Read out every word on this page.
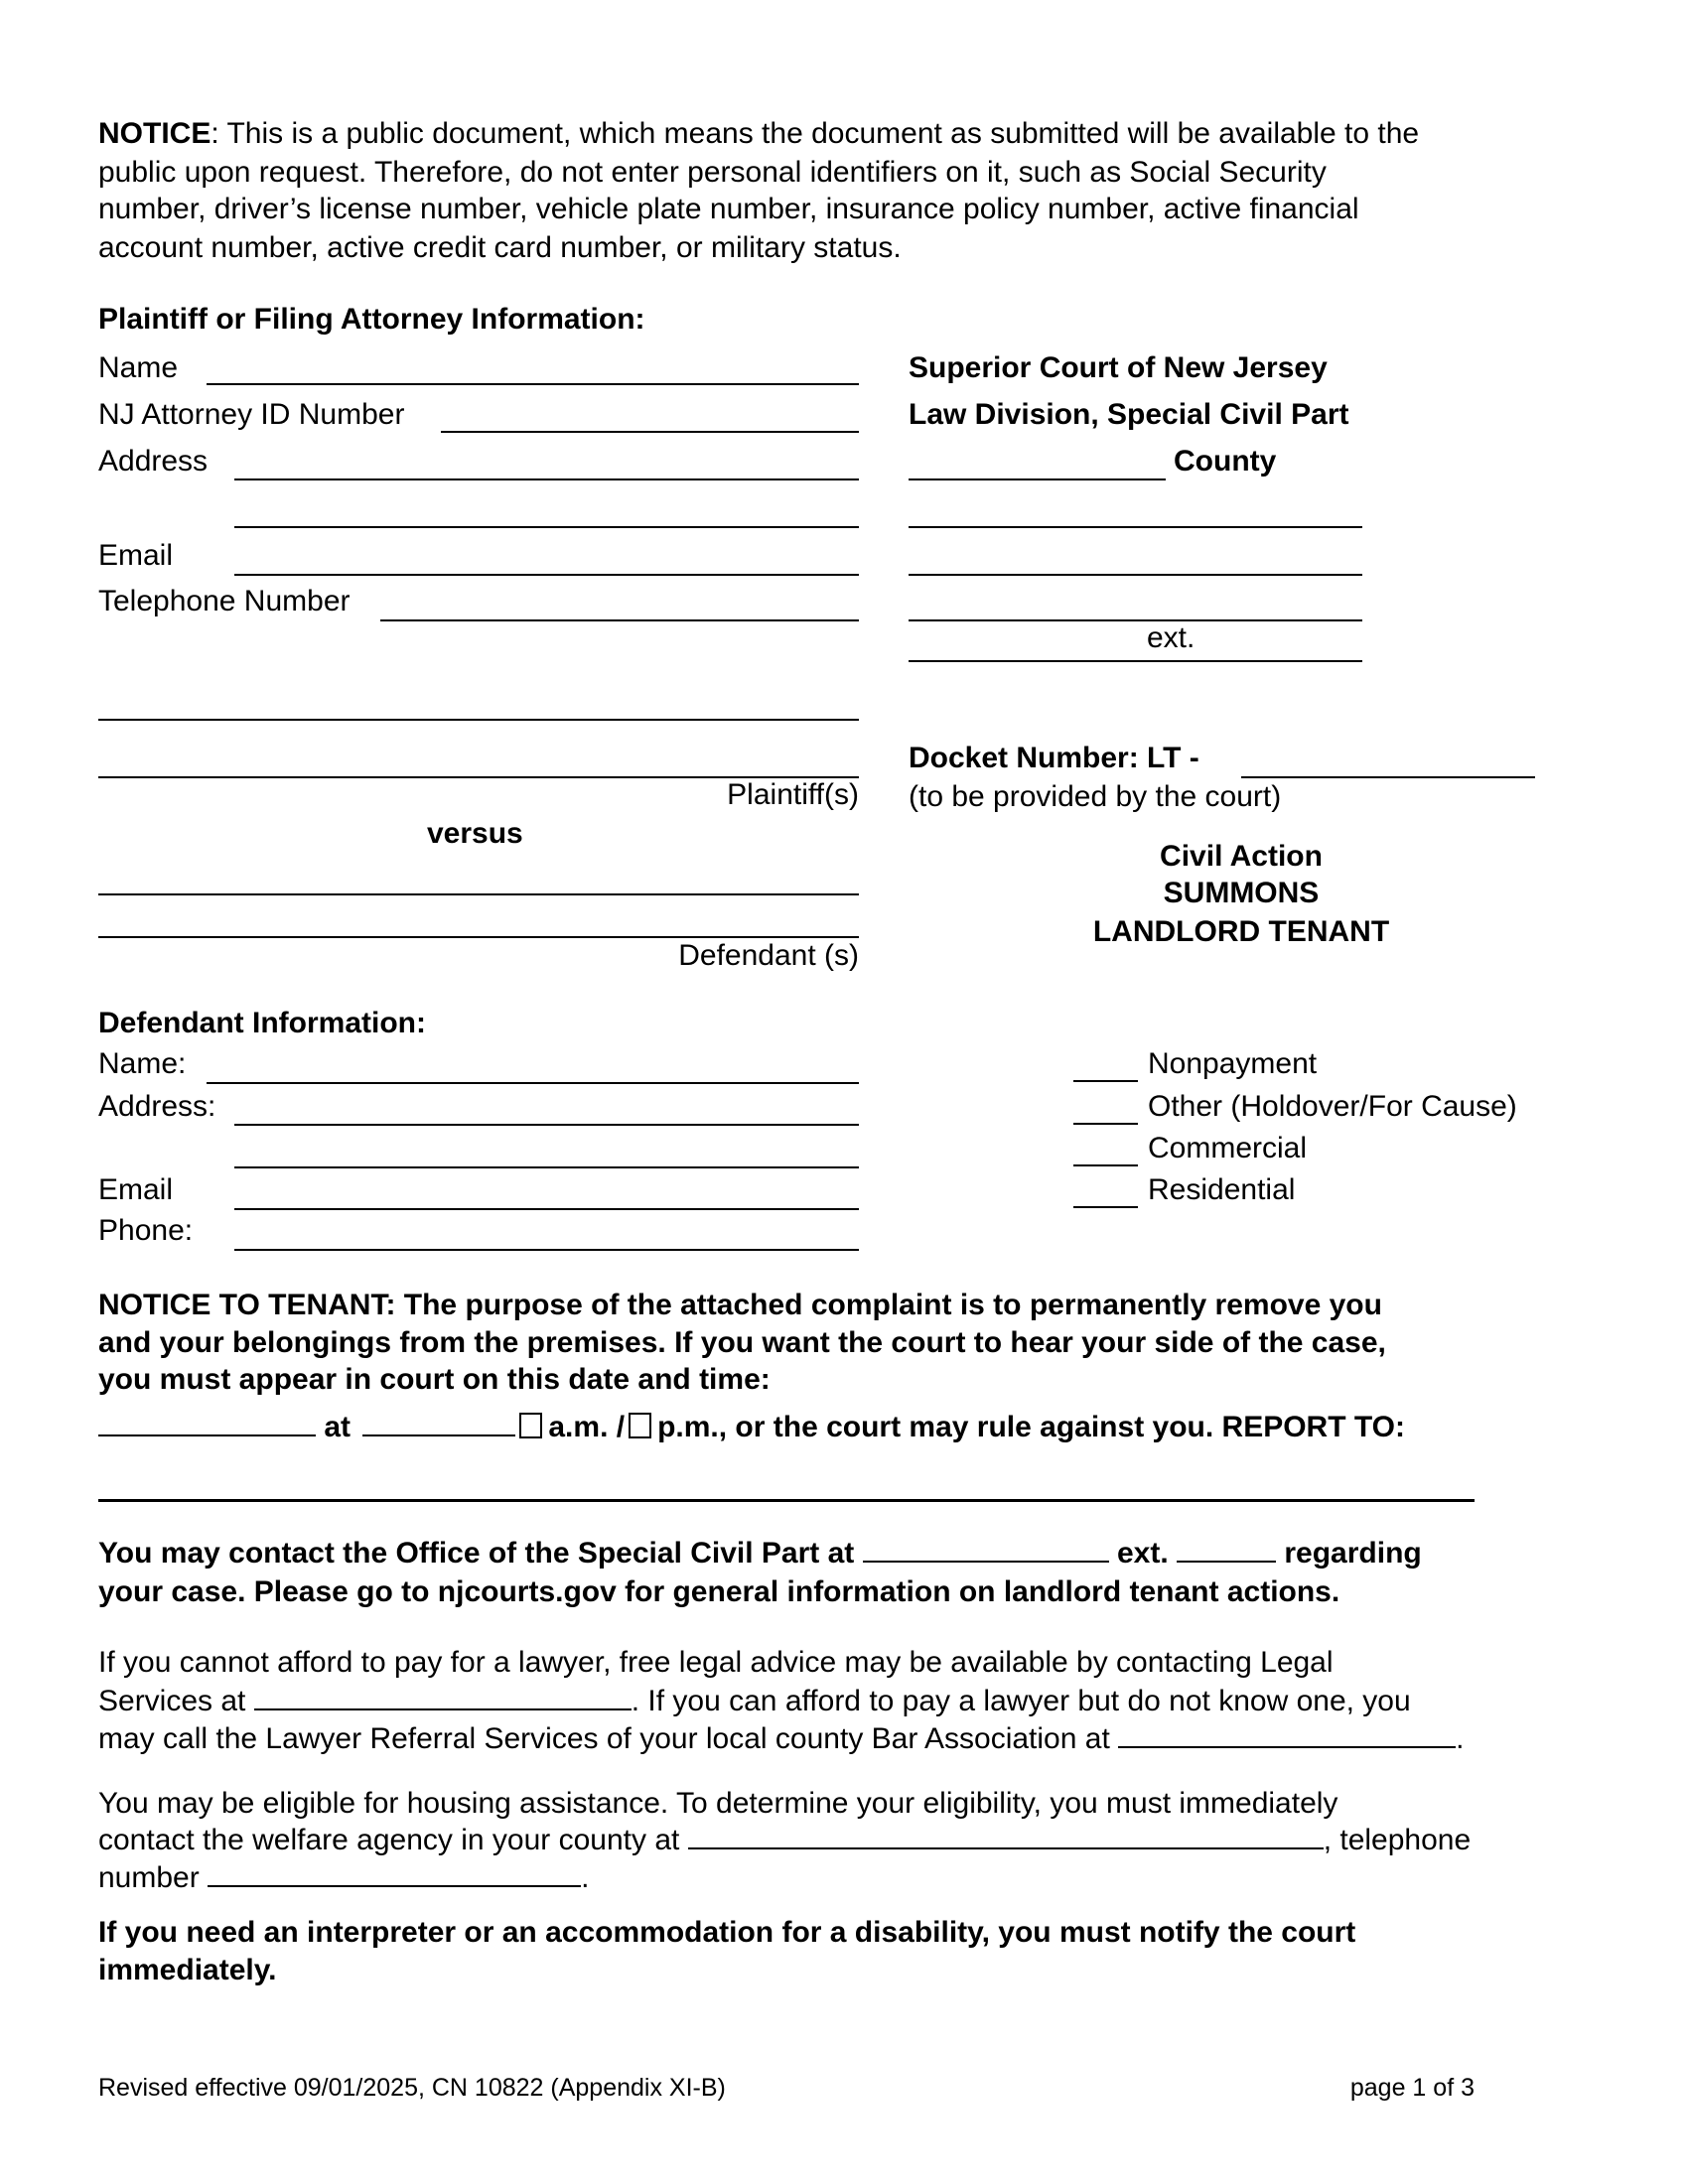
NOTICE: This is a public document, which means the document as submitted will be available to the
public upon request. Therefore, do not enter personal identifiers on it, such as Social Security
number, driver’s license number, vehicle plate number, insurance policy number, active financial
account number, active credit card number, or military status.
Plaintiff or Filing Attorney Information:
Name
NJ Attorney ID Number
Address
Email
Telephone Number
Superior Court of New Jersey
Law Division, Special Civil Part
County
ext.
Plaintiff(s)
versus
Defendant (s)
Docket Number: LT -
(to be provided by the court)
Civil Action
SUMMONS
LANDLORD TENANT
Defendant Information:
Name:
Address:
Email
Phone:
Nonpayment
Other (Holdover/For Cause)
Commercial
Residential
NOTICE TO TENANT: The purpose of the attached complaint is to permanently remove you
and your belongings from the premises. If you want the court to hear your side of the case,
you must appear in court on this date and time:
at	a.m. / p.m., or the court may rule against you. REPORT TO:
You may contact the Office of the Special Civil Part at	ext.	regarding
your case. Please go to njcourts.gov for general information on landlord tenant actions.
If you cannot afford to pay for a lawyer, free legal advice may be available by contacting Legal
Services at	. If you can afford to pay a lawyer but do not know one, you
may call the Lawyer Referral Services of your local county Bar Association at	.
You may be eligible for housing assistance. To determine your eligibility, you must immediately
contact the welfare agency in your county at	, telephone
number	.
If you need an interpreter or an accommodation for a disability, you must notify the court
immediately.
Revised effective 09/01/2025, CN 10822 (Appendix XI-B)	page 1 of 3
